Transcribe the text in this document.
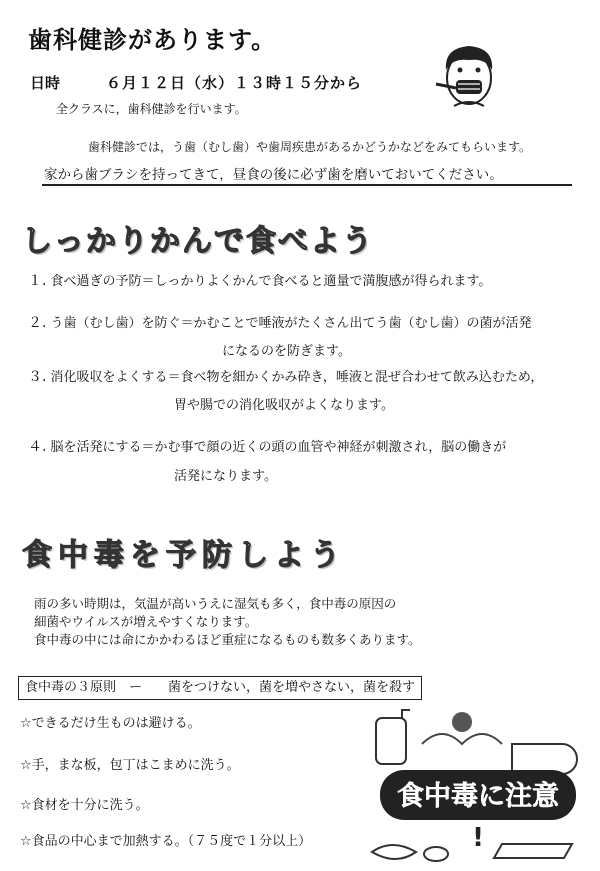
歯科健診があります。
日時	６月１２日（水）１３時１５分から
全クラスに，歯科健診を行います。
歯科健診では，う歯（むし歯）や歯周疾患があるかどうかなどをみてもらいます。
家から歯ブラシを持ってきて，昼食の後に必ず歯を磨いておいてください。
しっかりかんで食べよう
１. 食べ過ぎの予防＝しっかりよくかんで食べると適量で満腹感が得られます。
２. う歯（むし歯）を防ぐ＝かむことで唾液がたくさん出てう歯（むし歯）の菌が活発
になるのを防ぎます。
３. 消化吸収をよくする＝食べ物を細かくかみ砕き，唾液と混ぜ合わせて飲み込むため，
胃や腸での消化吸収がよくなります。
４. 脳を活発にする＝かむ事で顔の近くの頭の血管や神経が刺激され，脳の働きが
活発になります。
食中毒を予防しよう
雨の多い時期は，気温が高いうえに湿気も多く，食中毒の原因の
細菌やウイルスが増えやすくなります。
食中毒の中には命にかかわるほど重症になるものも数多くあります。
食中毒の３原則　ー　　菌をつけない，菌を増やさない，菌を殺す
☆できるだけ生ものは避ける。
☆手，まな板，包丁はこまめに洗う。
☆食材を十分に洗う。
☆食品の中心まで加熱する。（７５度で１分以上）
食中毒に注意
!
